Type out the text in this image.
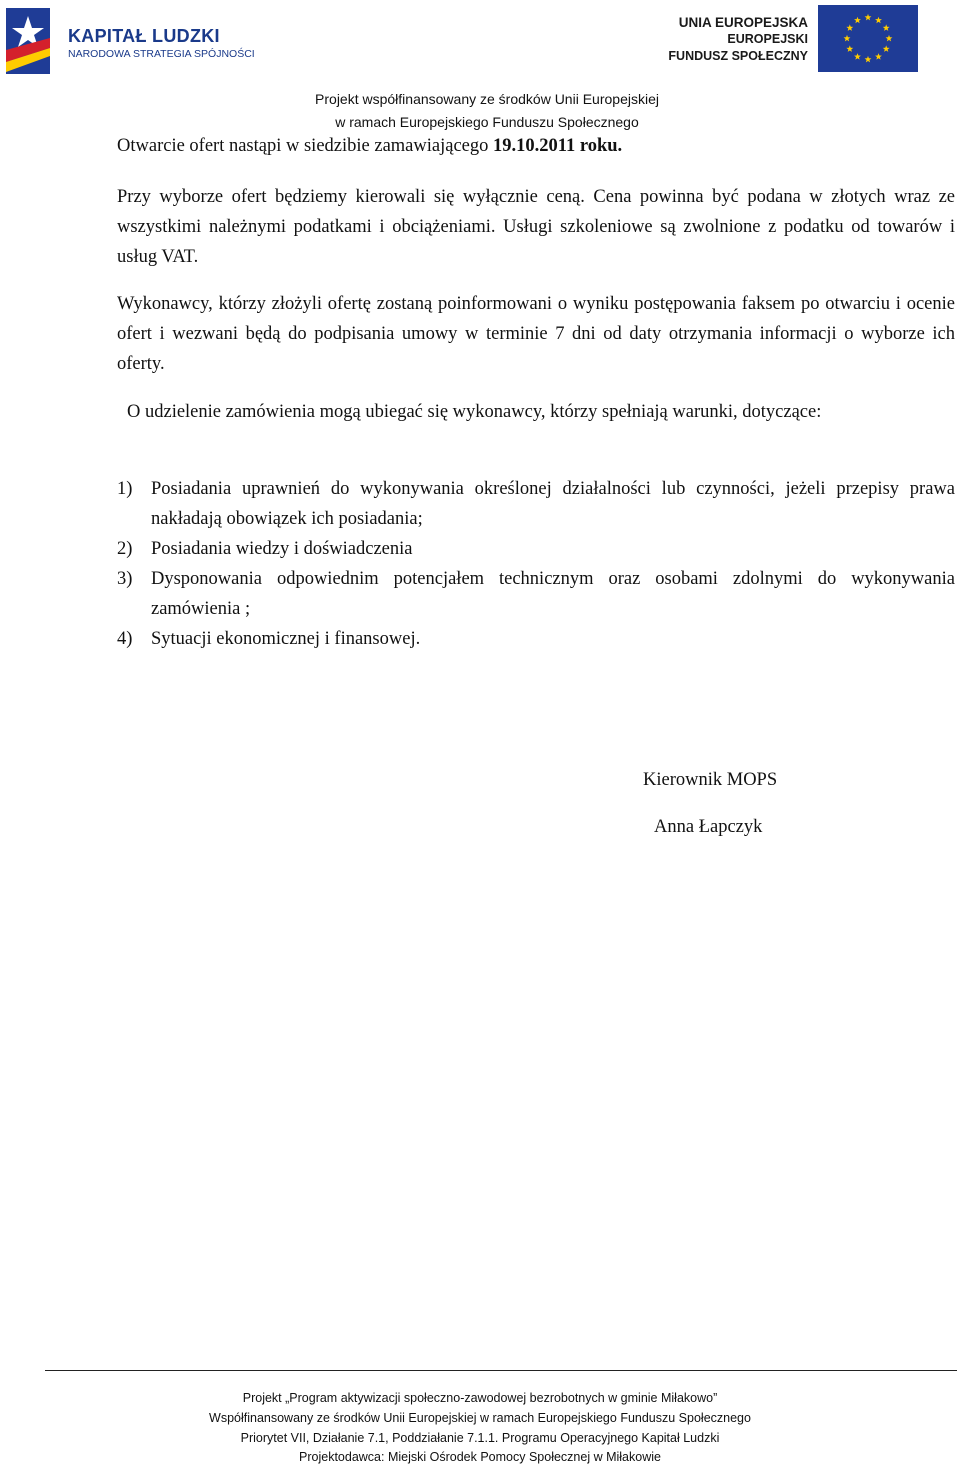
KAPITAŁ LUDZKI
NARODOWA STRATEGIA SPÓJNOŚCI
UNIA EUROPEJSKA
EUROPEJSKI
FUNDUSZ SPOŁECZNY
Projekt współfinansowany ze środków Unii Europejskiej
w ramach Europejskiego Funduszu Społecznego
Otwarcie ofert nastąpi w siedzibie zamawiającego 19.10.2011 roku.
Przy wyborze ofert będziemy kierowali się wyłącznie ceną. Cena powinna być podana w złotych wraz ze wszystkimi należnymi podatkami i obciążeniami. Usługi szkoleniowe są zwolnione z podatku od towarów i usług VAT.
Wykonawcy, którzy złożyli ofertę zostaną poinformowani o wyniku postępowania faksem po otwarciu i ocenie ofert i wezwani będą do podpisania umowy w terminie 7 dni od daty otrzymania informacji o wyborze ich oferty.
O udzielenie zamówienia mogą ubiegać się wykonawcy, którzy spełniają warunki, dotyczące:
1)	Posiadania uprawnień do wykonywania określonej działalności lub czynności, jeżeli przepisy prawa nakładają obowiązek ich posiadania;
2)	Posiadania wiedzy i doświadczenia
3)	Dysponowania odpowiednim potencjałem technicznym oraz osobami zdolnymi do wykonywania zamówienia ;
4)	Sytuacji ekonomicznej i finansowej.
Kierownik MOPS
Anna Łapczyk
Projekt „Program aktywizacji społeczno-zawodowej bezrobotnych w gminie Miłakowo”
Współfinansowany ze środków Unii Europejskiej w ramach Europejskiego Funduszu Społecznego
Priorytet VII, Działanie 7.1, Poddziałanie 7.1.1. Programu Operacyjnego Kapitał Ludzki
Projektodawca: Miejski Ośrodek Pomocy Społecznej w Miłakowie
